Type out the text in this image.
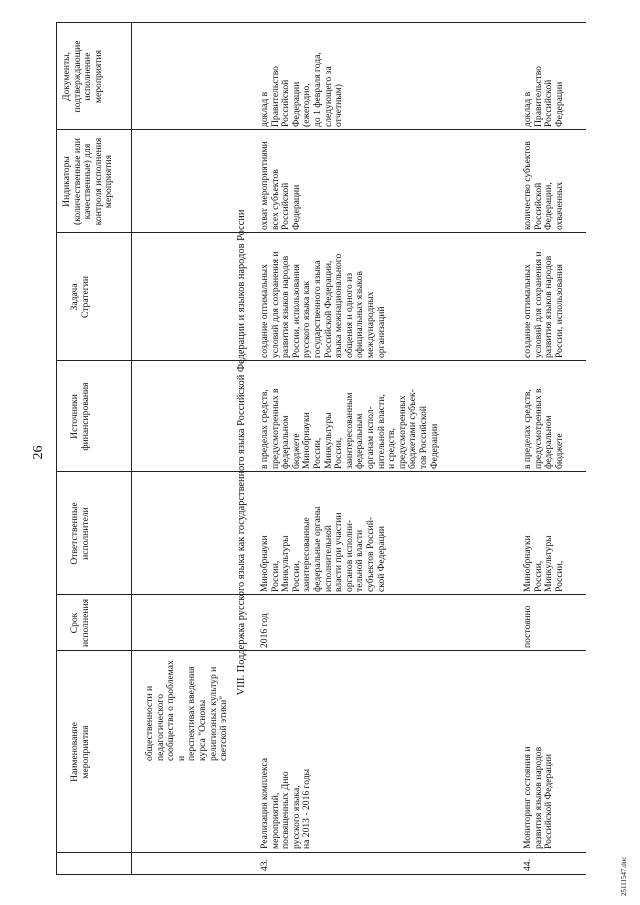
26
Наименование
мероприятия
Срок
исполнения
Ответственные
исполнители
Источники
финансирования
Задача
Стратегии
Индикаторы
(количественные или
качественные) для
контроля исполнения
мероприятия
Документы,
подтверждающие
исполнение
мероприятия
общественности и
педагогического
сообщества о проблемах и
перспективах введения
курса "Основы
религиозных культур и
светской этики"
VIII. Поддержка русского языка как государственного языка Российской Федерации и языков народов России
43.
Реализация комплекса
мероприятий,
посвященных Дню
русского языка,
на 2013 - 2016 годы
2016 год
Минобрнауки
России,
Минкультуры
России,
заинтересованные
федеральные органы
исполнительной
власти при участии
органов исполни-
тельной власти
субъектов Россий-
ской Федерации
в пределах средств,
предусмотренных в
федеральном
бюджете
Минобрнауки
России,
Минкультуры
России,
заинтересованным
федеральным
органам испол-
нительной власти,
и средств,
предусмотренных
бюджетами субъек-
тов Российской
Федерации
создание оптимальных
условий для сохранения и
развития языков народов
России, использования
русского языка как
государственного языка
Российской Федерации,
языка межнационального
общения и одного из
официальных языков
международных
организаций
охват мероприятиями
всех субъектов
Российской
Федерации
доклад в
Правительство
Российской
Федерации
(ежегодно,
до 1 февраля года,
следующего за
отчетным)
44.
Мониторинг состояния и
развития языков народов
Российской Федерации
постоянно
Минобрнауки
России,
Минкультуры
России,
в пределах средств,
предусмотренных в
федеральном
бюджете
создание оптимальных
условий для сохранения и
развития языков народов
России, использования
количество субъектов
Российской
Федерации,
охваченных
доклад в
Правительство
Российской
Федерации
25111547.doc
